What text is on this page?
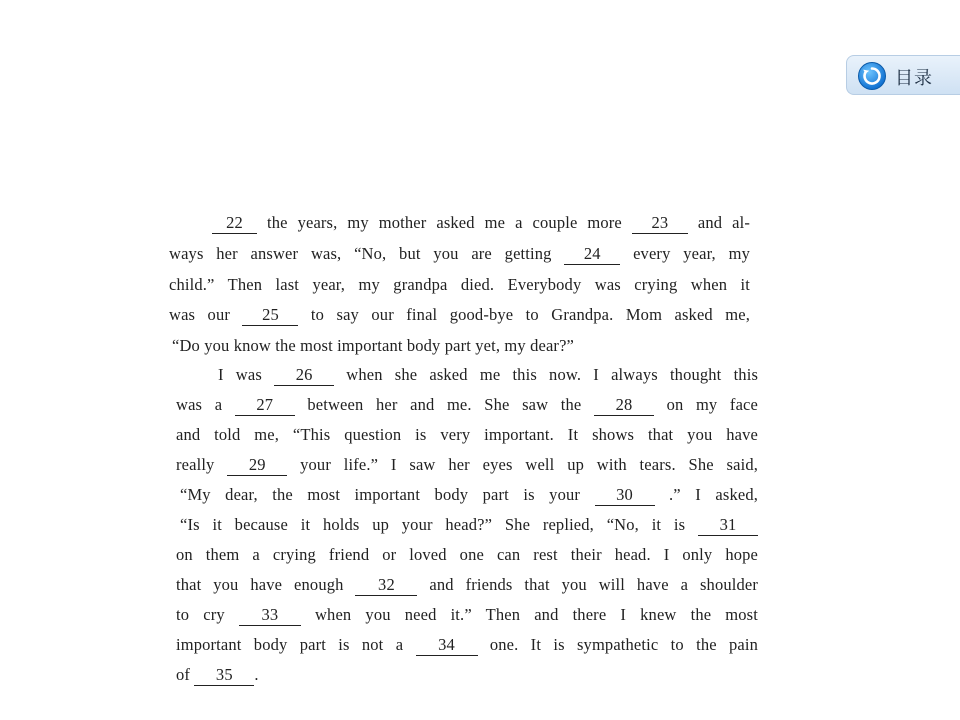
目录
22 the years, my mother asked me a couple more 23 and al-
ways her answer was, “No, but you are getting 24 every year, my
child.” Then last year, my grandpa died. Everybody was crying when it
was our 25 to say our final good-bye to Grandpa. Mom asked me,
“Do you know the most important body part yet, my dear?”
I was 26 when she asked me this now. I always thought this
was a 27 between her and me. She saw the 28 on my face
and told me, “This question is very important. It shows that you have
really 29 your life.” I saw her eyes well up with tears. She said,
“My dear, the most important body part is your 30 .” I asked,
“Is it because it holds up your head?” She replied, “No, it is 31
on them a crying friend or loved one can rest their head. I only hope
that you have enough 32 and friends that you will have a shoulder
to cry 33 when you need it.” Then and there I knew the most
important body part is not a 34 one. It is sympathetic to the pain
of 35 .
